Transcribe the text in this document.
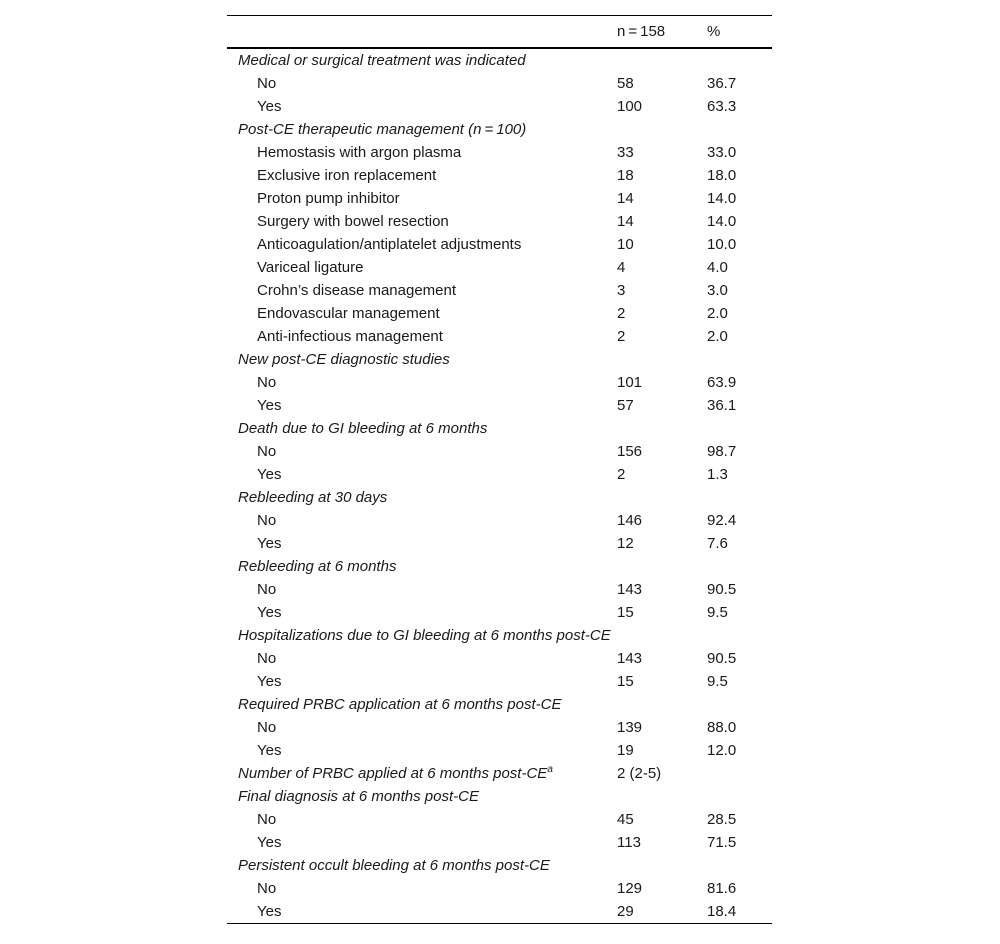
	n = 158	%
Medical or surgical treatment was indicated		
No	58	36.7
Yes	100	63.3
Post-CE therapeutic management (n = 100)		
Hemostasis with argon plasma	33	33.0
Exclusive iron replacement	18	18.0
Proton pump inhibitor	14	14.0
Surgery with bowel resection	14	14.0
Anticoagulation/antiplatelet adjustments	10	10.0
Variceal ligature	4	4.0
Crohn’s disease management	3	3.0
Endovascular management	2	2.0
Anti-infectious management	2	2.0
New post-CE diagnostic studies		
No	101	63.9
Yes	57	36.1
Death due to GI bleeding at 6 months		
No	156	98.7
Yes	2	1.3
Rebleeding at 30 days		
No	146	92.4
Yes	12	7.6
Rebleeding at 6 months		
No	143	90.5
Yes	15	9.5
Hospitalizations due to GI bleeding at 6 months post-CE		
No	143	90.5
Yes	15	9.5
Required PRBC application at 6 months post-CE		
No	139	88.0
Yes	19	12.0
Number of PRBC applied at 6 months post-$CE^a$	2 (2-5)	
Final diagnosis at 6 months post-CE		
No	45	28.5
Yes	113	71.5
Persistent occult bleeding at 6 months post-CE		
No	129	81.6
Yes	29	18.4
